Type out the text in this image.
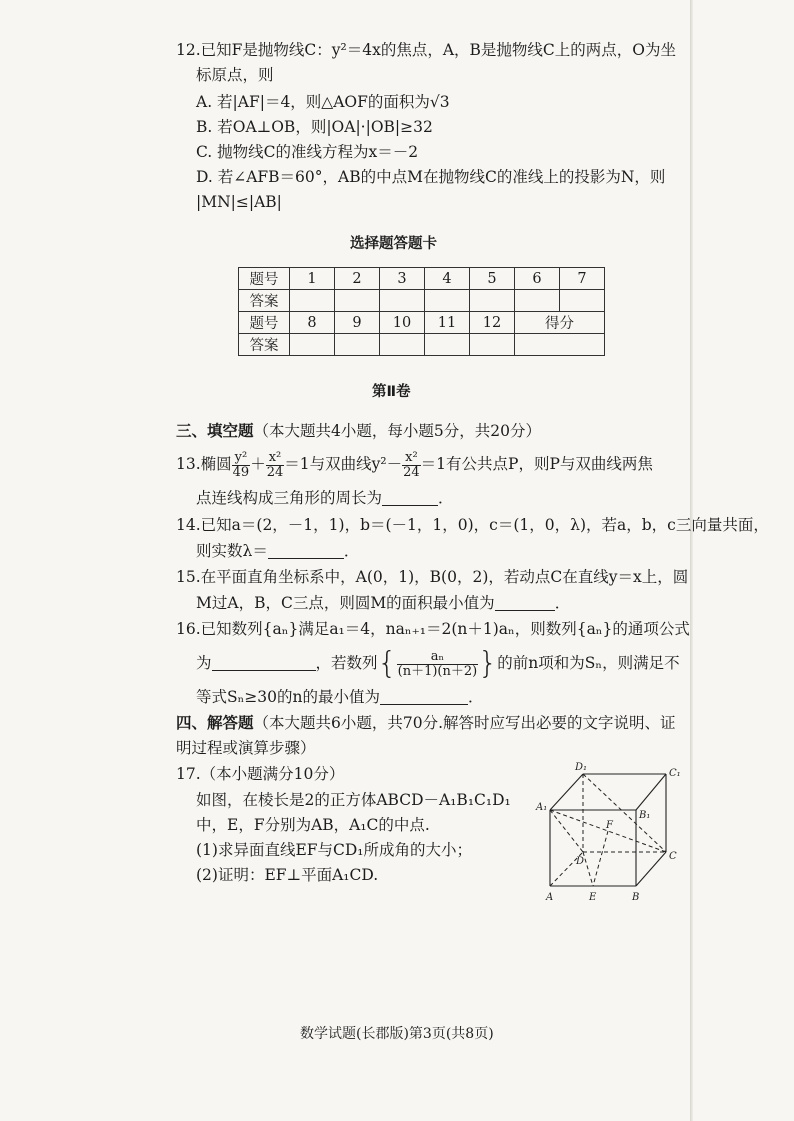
12.已知F是抛物线C：y²＝4x的焦点，A，B是抛物线C上的两点，O为坐
标原点，则
A. 若|AF|＝4，则△AOF的面积为√3
B. 若OA⊥OB，则|OA|·|OB|≥32
C. 抛物线C的准线方程为x＝－2
D. 若∠AFB＝60°，AB的中点M在抛物线C的准线上的投影为N，则
|MN|≤|AB|
选择题答题卡
题号	1	2	3	4	5	6	7
答案							
题号	8	9	10	11	12	得分	
答案							
第Ⅱ卷
三、填空题（本大题共4小题，每小题5分，共20分）
13.椭圆 $\frac{\text{y²}}{49} + \frac{\text{x²}}{24} =1$与双曲线$y^2- \frac{\text{x²}}{24} =1$有公共点P，则P与双曲线两焦
点连线构成三角形的周长为	．
14.已知a＝(2，－1，1)，b＝(－1，1，0)，c＝(1，0，λ)，若a，b，c三向量共面，
则实数λ＝	．
15.在平面直角坐标系中，A(0，1)，B(0，2)，若动点C在直线y＝x上，圆
M过A，B，C三点，则圆M的面积最小值为	．
16.已知数列{aₙ}满足a₁＝4，naₙ₊₁＝2(n＋1)aₙ，则数列{aₙ}的通项公式
为	，若数列{ $\frac{\text{aₙ}}{(n+1)(n+2)}$ }的前n项和为Sₙ，则满足不
等式Sₙ≥30的n的最小值为	．
四、解答题（本大题共6小题，共70分.解答时应写出必要的文字说明、证
明过程或演算步骤）
17.（本小题满分10分）
如图，在棱长是2的正方体ABCD－A₁B₁C₁D₁
中，E，F分别为AB，A₁C的中点.
(1)求异面直线EF与CD₁所成角的大小；
(2)证明：EF⊥平面A₁CD.
D₁
C₁
A₁
B₁
F
D	C
A	E	B
数学试题(长郡版)第3页(共8页)
